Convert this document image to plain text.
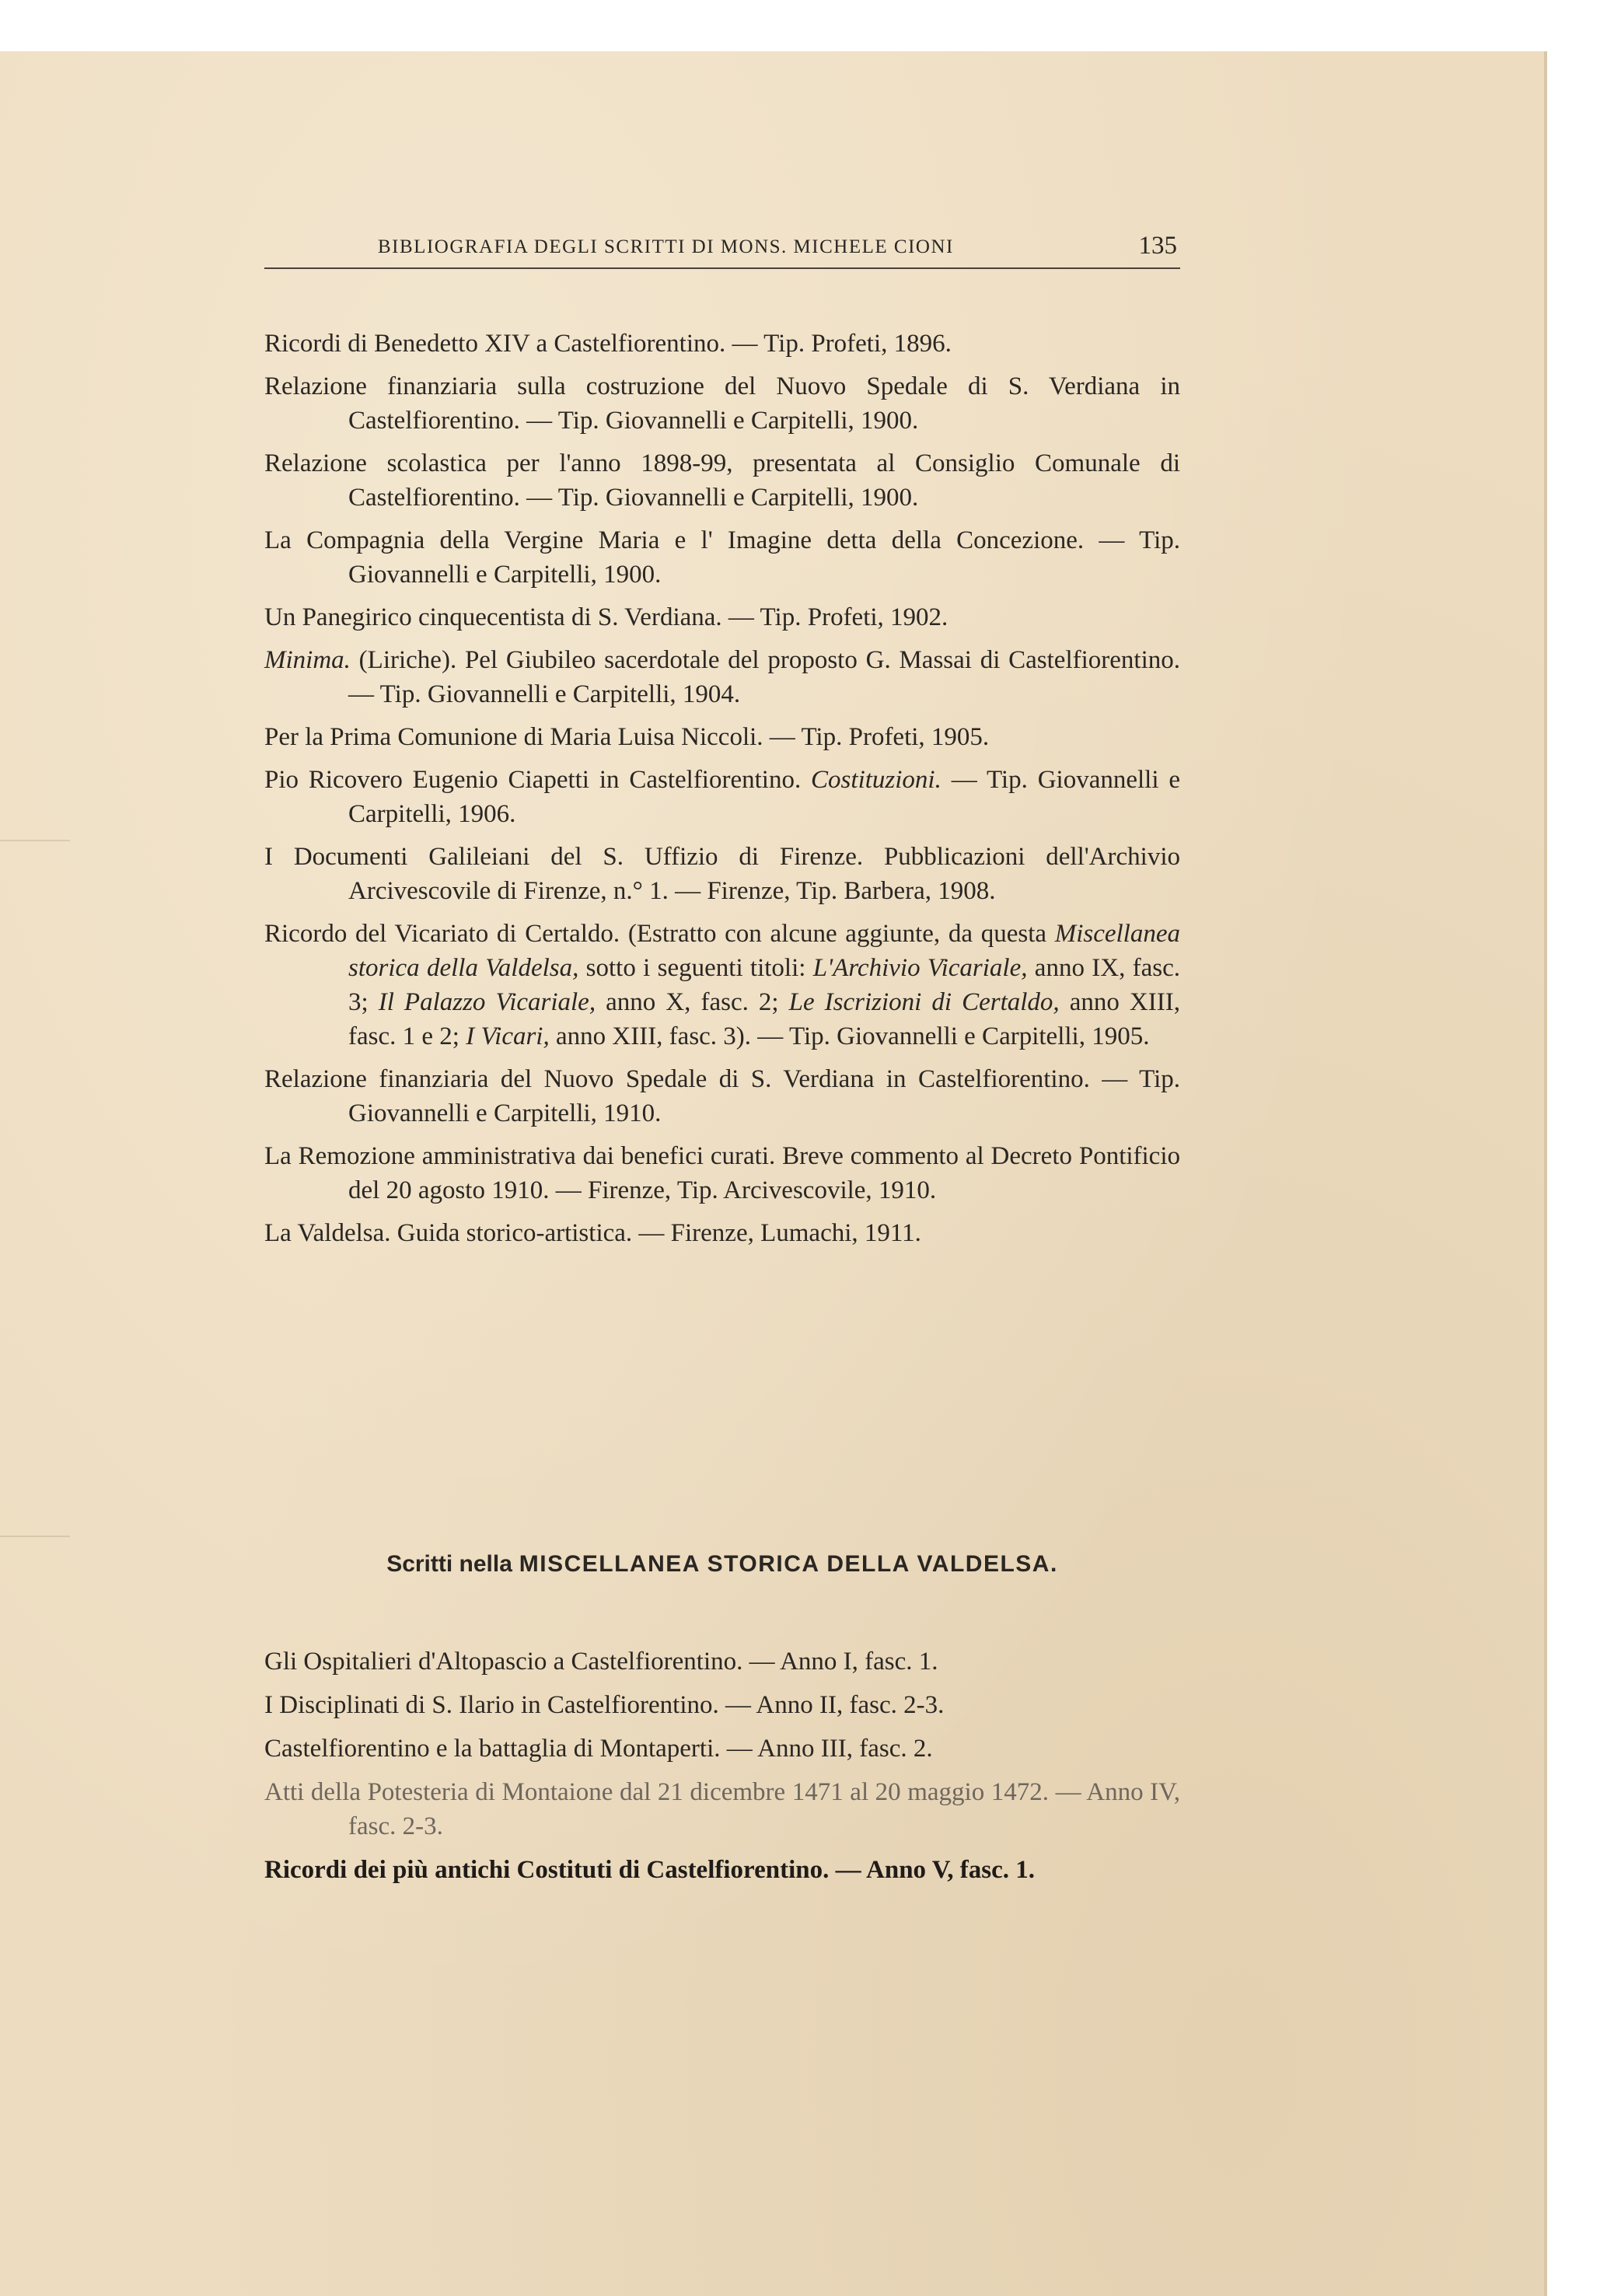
BIBLIOGRAFIA DEGLI SCRITTI DI MONS. MICHELE CIONI	135

Ricordi di Benedetto XIV a Castelfiorentino. — Tip. Profeti, 1896.

Relazione finanziaria sulla costruzione del Nuovo Spedale di S. Verdiana in Castelfiorentino. — Tip. Giovannelli e Carpitelli, 1900.

Relazione scolastica per l'anno 1898-99, presentata al Consiglio Comunale di Castelfiorentino. — Tip. Giovannelli e Carpitelli, 1900.

La Compagnia della Vergine Maria e l' Imagine detta della Concezione. — Tip. Giovannelli e Carpitelli, 1900.

Un Panegirico cinquecentista di S. Verdiana. — Tip. Profeti, 1902.

Minima. (Liriche). Pel Giubileo sacerdotale del proposto G. Massai di Castelfiorentino. — Tip. Giovannelli e Carpitelli, 1904.

Per la Prima Comunione di Maria Luisa Niccoli. — Tip. Profeti, 1905.

Pio Ricovero Eugenio Ciapetti in Castelfiorentino. Costituzioni. — Tip. Giovannelli e Carpitelli, 1906.

I Documenti Galileiani del S. Uffizio di Firenze. Pubblicazioni dell'Archivio Arcivescovile di Firenze, n.° 1. — Firenze, Tip. Barbera, 1908.

Ricordo del Vicariato di Certaldo. (Estratto con alcune aggiunte, da questa Miscellanea storica della Valdelsa, sotto i seguenti titoli: L'Archivio Vicariale, anno IX, fasc. 3; Il Palazzo Vicariale, anno X, fasc. 2; Le Iscrizioni di Certaldo, anno XIII, fasc. 1 e 2; I Vicari, anno XIII, fasc. 3). — Tip. Giovannelli e Carpitelli, 1905.

Relazione finanziaria del Nuovo Spedale di S. Verdiana in Castelfiorentino. — Tip. Giovannelli e Carpitelli, 1910.

La Remozione amministrativa dai benefici curati. Breve commento al Decreto Pontificio del 20 agosto 1910. — Firenze, Tip. Arcivescovile, 1910.

La Valdelsa. Guida storico-artistica. — Firenze, Lumachi, 1911.

Scritti nella MISCELLANEA STORICA DELLA VALDELSA.

Gli Ospitalieri d'Altopascio a Castelfiorentino. — Anno I, fasc. 1.

I Disciplinati di S. Ilario in Castelfiorentino. — Anno II, fasc. 2-3.

Castelfiorentino e la battaglia di Montaperti. — Anno III, fasc. 2.

Atti della Potesteria di Montaione dal 21 dicembre 1471 al 20 maggio 1472. — Anno IV, fasc. 2-3.

Ricordi dei più antichi Costituti di Castelfiorentino. — Anno V, fasc. 1.
